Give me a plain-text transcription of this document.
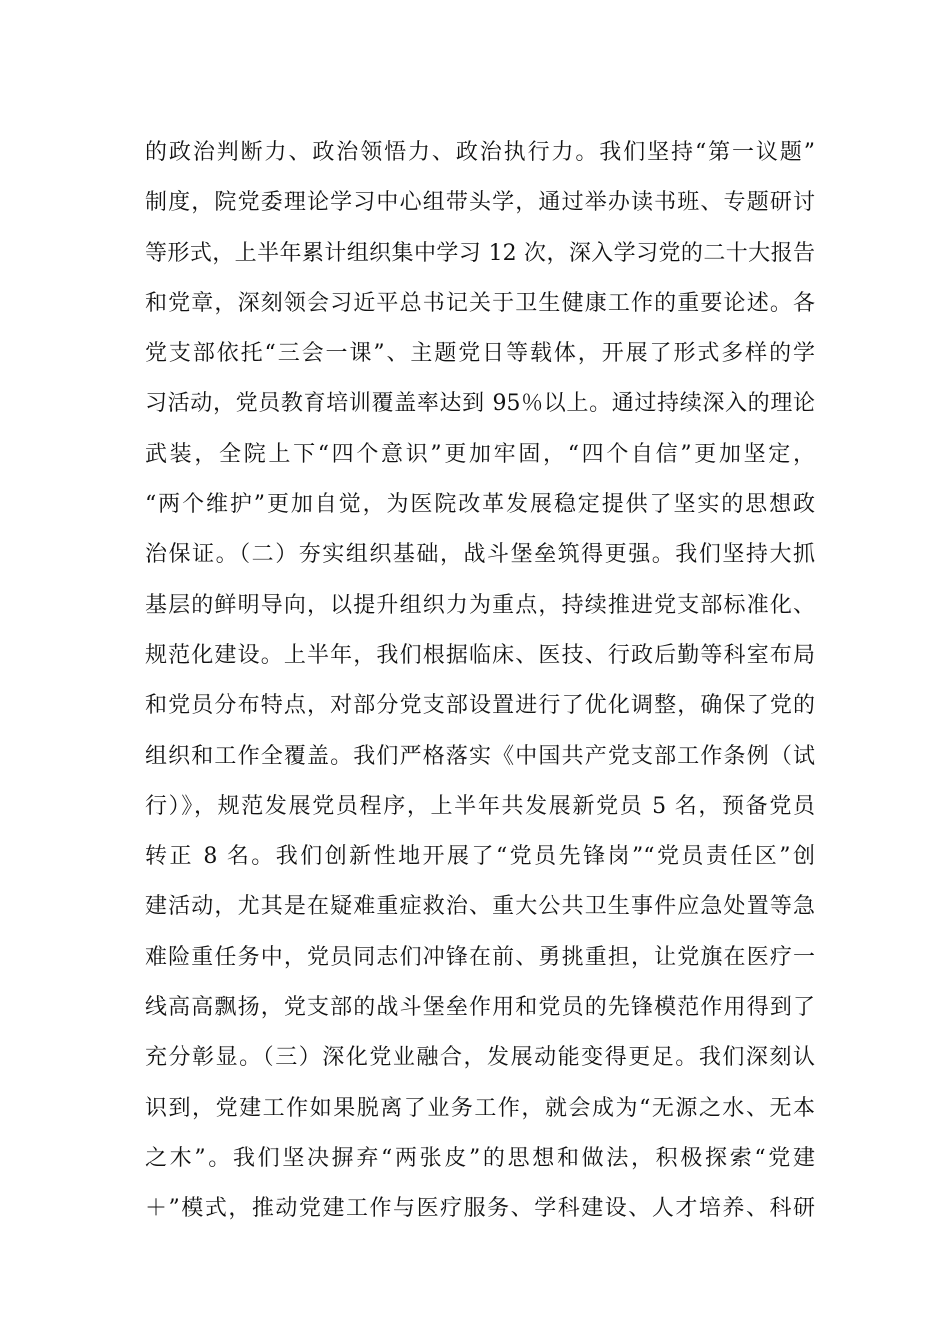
的政治判断力、政治领悟力、政治执行力。我们坚持“第一议题”
制度，院党委理论学习中心组带头学，通过举办读书班、专题研讨
等形式，上半年累计组织集中学习 12 次，深入学习党的二十大报告
和党章，深刻领会习近平总书记关于卫生健康工作的重要论述。各
党支部依托“三会一课”、主题党日等载体，开展了形式多样的学
习活动，党员教育培训覆盖率达到 95％以上。通过持续深入的理论
武装，全院上下“四个意识”更加牢固，“四个自信”更加坚定，
“两个维护”更加自觉，为医院改革发展稳定提供了坚实的思想政
治保证。（二）夯实组织基础，战斗堡垒筑得更强。我们坚持大抓
基层的鲜明导向，以提升组织力为重点，持续推进党支部标准化、
规范化建设。上半年，我们根据临床、医技、行政后勤等科室布局
和党员分布特点，对部分党支部设置进行了优化调整，确保了党的
组织和工作全覆盖。我们严格落实《中国共产党支部工作条例（试
行）》，规范发展党员程序，上半年共发展新党员 5 名，预备党员
转正 8 名。我们创新性地开展了“党员先锋岗”“党员责任区”创
建活动，尤其是在疑难重症救治、重大公共卫生事件应急处置等急
难险重任务中，党员同志们冲锋在前、勇挑重担，让党旗在医疗一
线高高飘扬，党支部的战斗堡垒作用和党员的先锋模范作用得到了
充分彰显。（三）深化党业融合，发展动能变得更足。我们深刻认
识到，党建工作如果脱离了业务工作，就会成为“无源之水、无本
之木”。我们坚决摒弃“两张皮”的思想和做法，积极探索“党建
＋”模式，推动党建工作与医疗服务、学科建设、人才培养、科研
